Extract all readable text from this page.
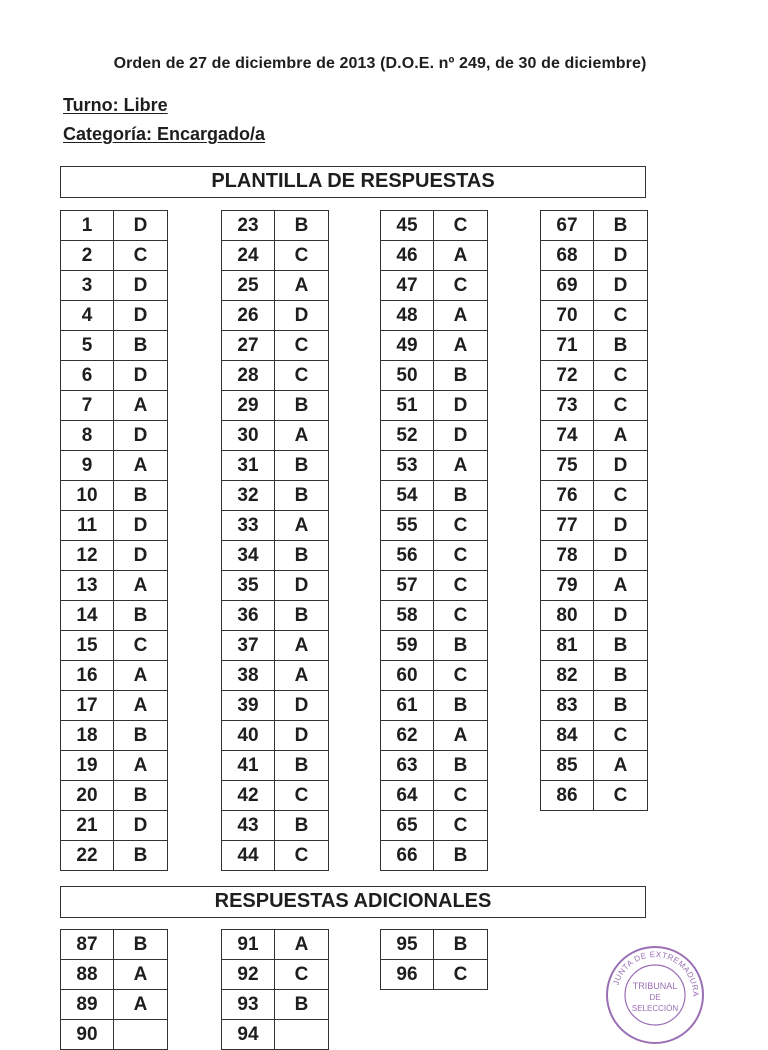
Orden de 27 de diciembre de 2013 (D.O.E. nº 249, de 30 de diciembre)
Turno: Libre
Categoría: Encargado/a
PLANTILLA DE RESPUESTAS
1	D
2	C
3	D
4	D
5	B
6	D
7	A
8	D
9	A
10	B
11	D
12	D
13	A
14	B
15	C
16	A
17	A
18	B
19	A
20	B
21	D
22	B
23	B
24	C
25	A
26	D
27	C
28	C
29	B
30	A
31	B
32	B
33	A
34	B
35	D
36	B
37	A
38	A
39	D
40	D
41	B
42	C
43	B
44	C
45	C
46	A
47	C
48	A
49	A
50	B
51	D
52	D
53	A
54	B
55	C
56	C
57	C
58	C
59	B
60	C
61	B
62	A
63	B
64	C
65	C
66	B
67	B
68	D
69	D
70	C
71	B
72	C
73	C
74	A
75	D
76	C
77	D
78	D
79	A
80	D
81	B
82	B
83	B
84	C
85	A
86	C
RESPUESTAS ADICIONALES
87	B
88	A
89	A
90	
91	A
92	C
93	B
94	
95	B
96	C	JUNTA DE EXTREMADURA
TRIBUNAL
DE
SELECCIÓN
